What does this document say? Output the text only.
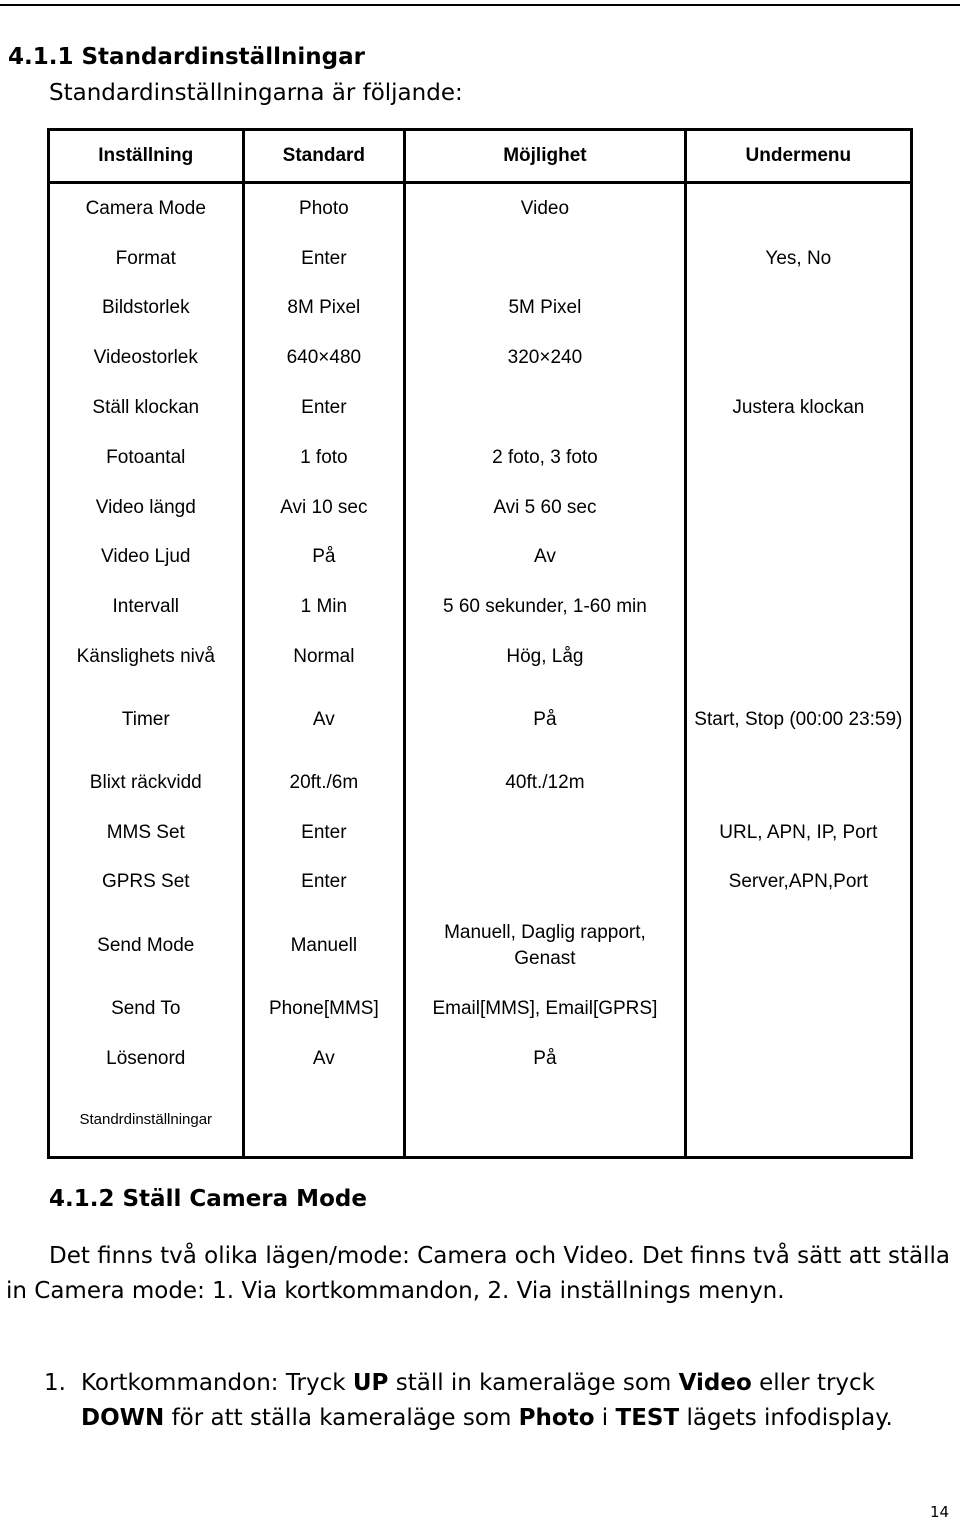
4.1.1 Standardinställningar
Standardinställningarna är följande:
Inställning	Standard	Möjlighet	Undermenu
Camera Mode	Photo	Video	
Format	Enter		Yes, No
Bildstorlek	8M Pixel	5M Pixel	
Videostorlek	640×480	320×240	
Ställ klockan	Enter		Justera klockan
Fotoantal	1 foto	2 foto, 3 foto	
Video längd	Avi 10 sec	Avi 5 60 sec	
Video Ljud	På	Av	
Intervall	1 Min	5 60 sekunder, 1-60 min	
Känslighets nivå	Normal	Hög, Låg	
Timer	Av	På	Start, Stop (00:00 23:59)
Blixt räckvidd	20ft./6m	40ft./12m	
MMS Set	Enter		URL, APN, IP, Port
GPRS Set	Enter		Server,APN,Port
Send Mode	Manuell	Manuell, Daglig rapport, Genast	
Send To	Phone[MMS]	Email[MMS], Email[GPRS]	
Lösenord	Av	På	
Standrdinställningar			
4.1.2 Ställ Camera Mode
Det finns två olika lägen/mode: Camera och Video. Det finns två sätt att ställa in Camera mode: 1. Via kortkommandon, 2. Via inställnings menyn.
1. Kortkommandon: Tryck UP ställ in kameraläge som Video eller tryck DOWN för att ställa kameraläge som Photo i TEST lägets infodisplay.
14
